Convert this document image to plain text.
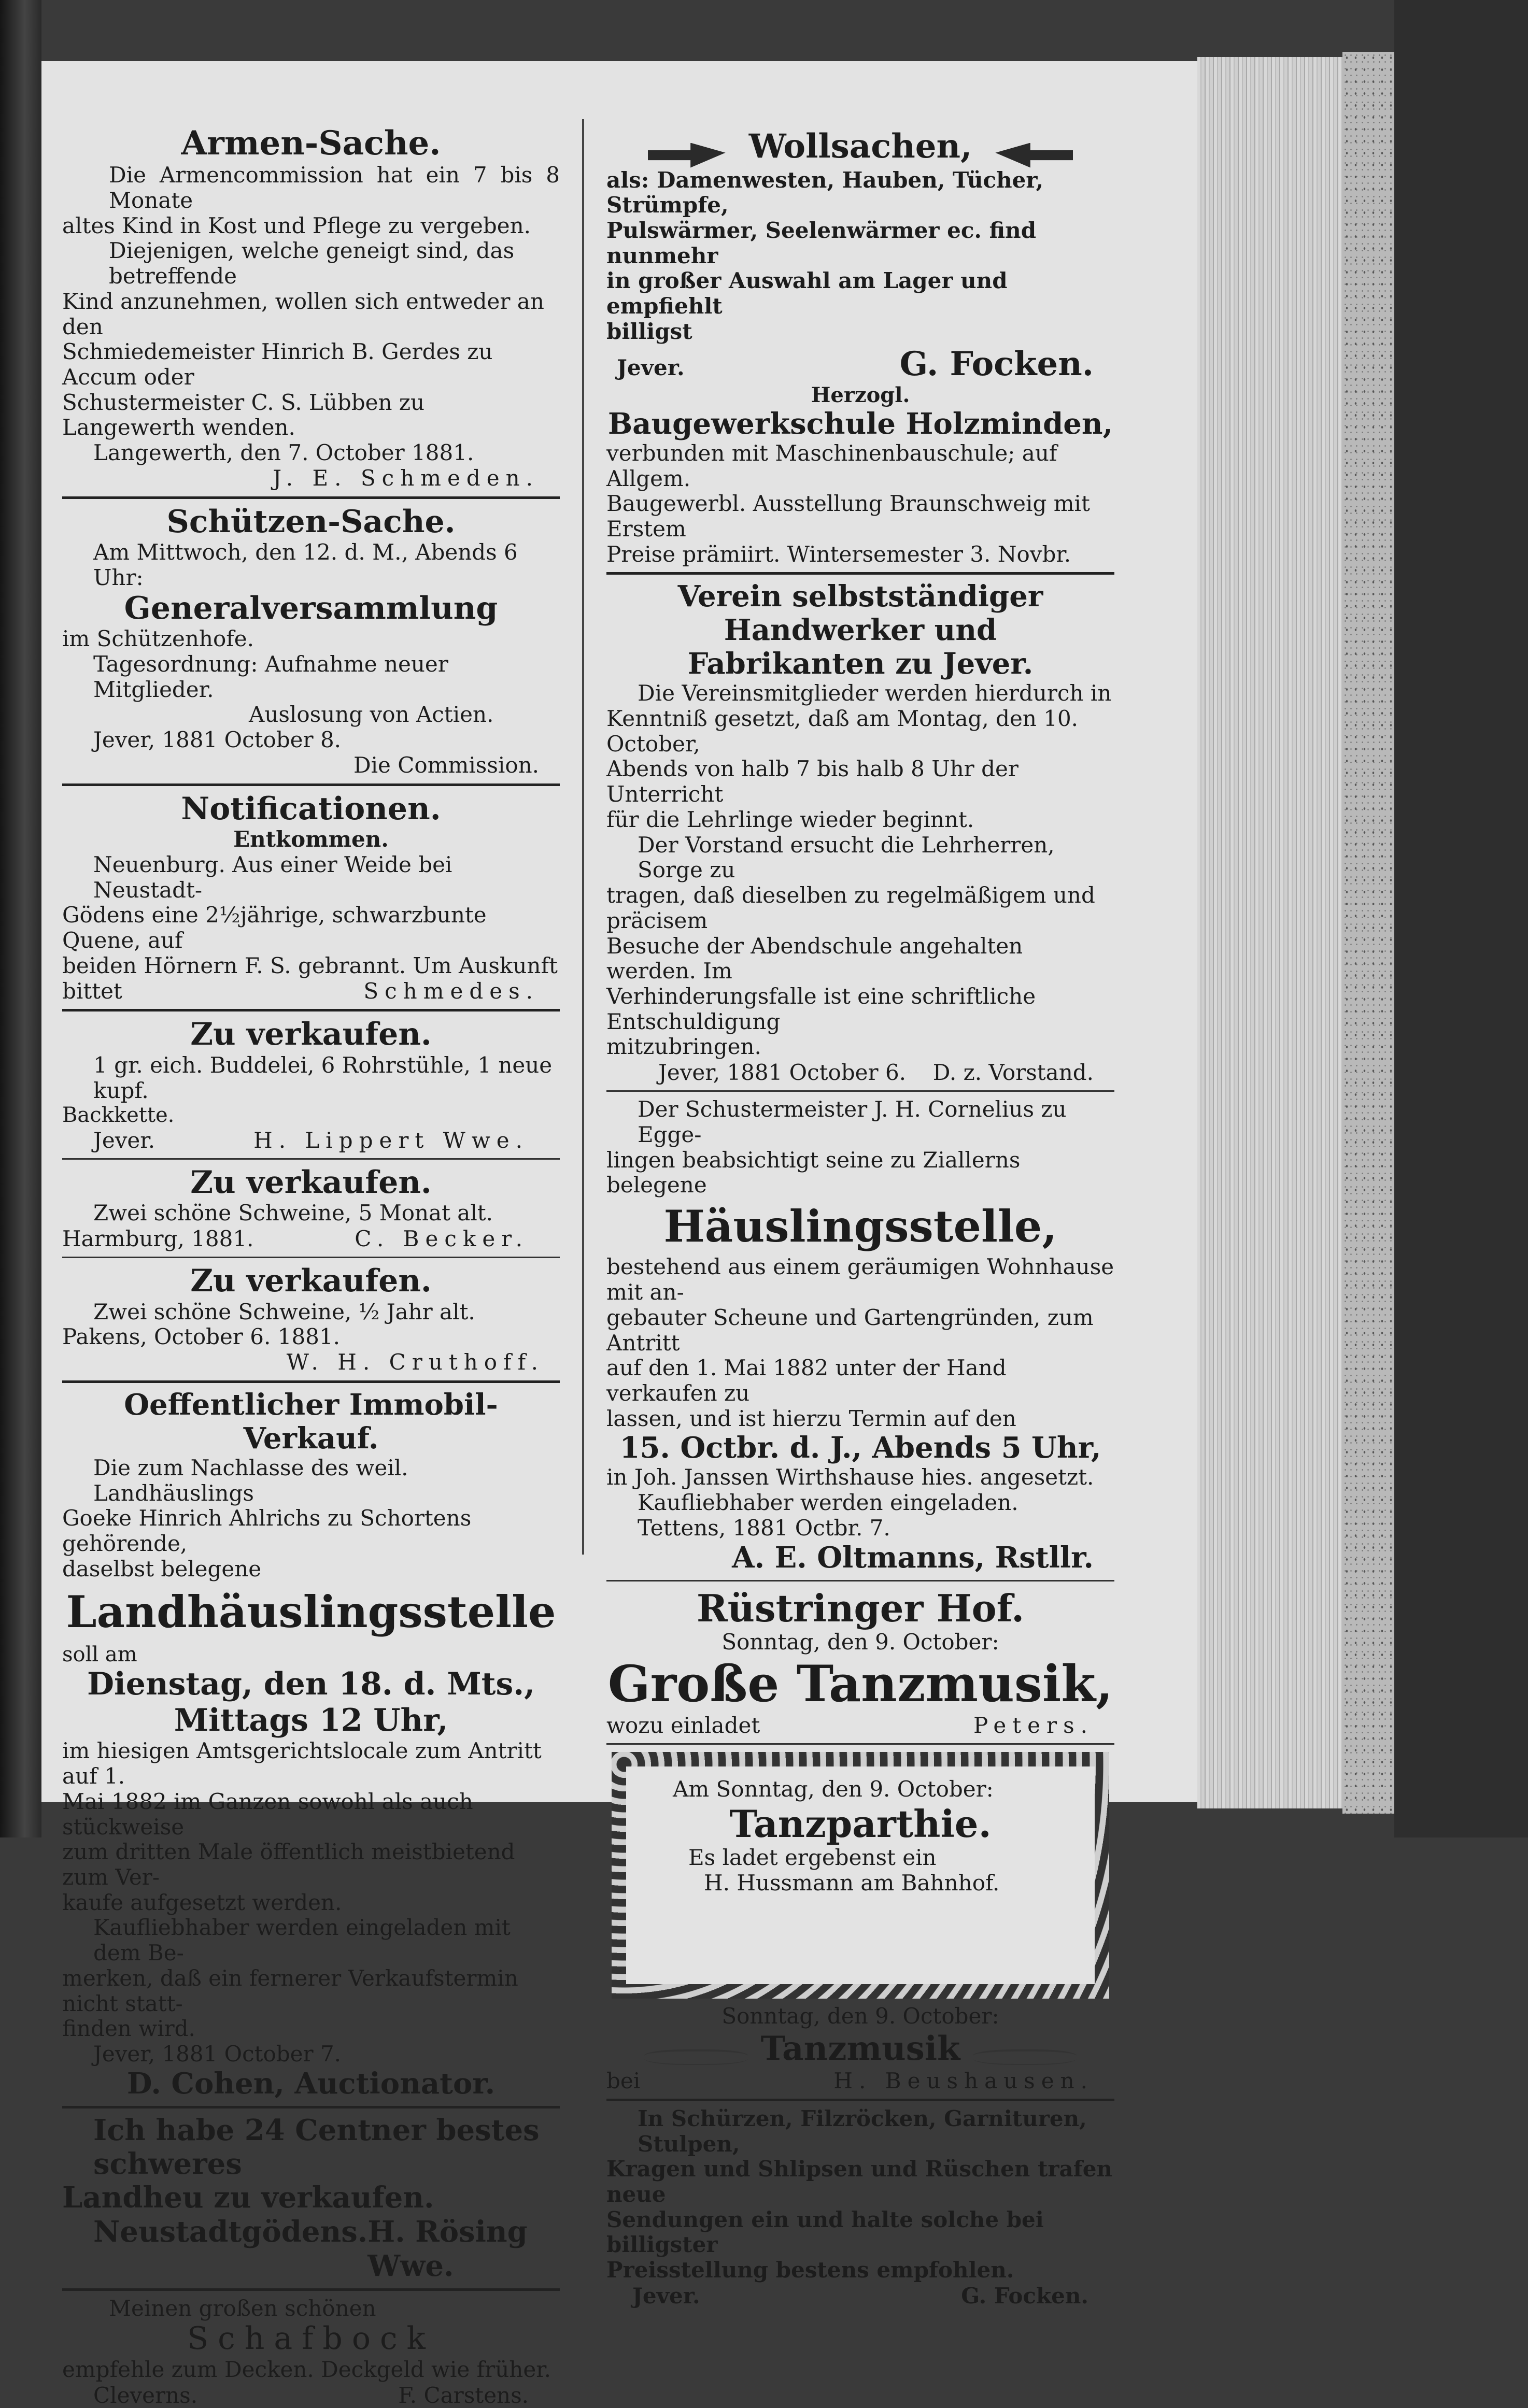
Armen-Sache.
Die Armencommission hat ein 7 bis 8 Monate
altes Kind in Kost und Pflege zu vergeben.
Diejenigen, welche geneigt sind, das betreffende
Kind anzunehmen, wollen sich entweder an den
Schmiedemeister Hinrich B. Gerdes zu Accum oder
Schustermeister C. S. Lübben zu Langewerth wenden.
Langewerth, den 7. October 1881.
J. E. Schmeden.
Schützen-Sache.
Am Mittwoch, den 12. d. M., Abends 6 Uhr:
Generalversammlung
im Schützenhofe.
Tagesordnung: Aufnahme neuer Mitglieder.
Auslosung von Actien.
Jever, 1881 October 8.
Die Commission.
Notificationen.
Entkommen.
Neuenburg. Aus einer Weide bei Neustadt-
Gödens eine 2½jährige, schwarzbunte Quene, auf
beiden Hörnern F. S. gebrannt. Um Auskunft
bittet	Schmedes.
Zu verkaufen.
1 gr. eich. Buddelei, 6 Rohrstühle, 1 neue kupf.
Backkette.
Jever.	H. Lippert Wwe.
Zu verkaufen.
Zwei schöne Schweine, 5 Monat alt.
Harmburg, 1881.	C. Becker.
Zu verkaufen.
Zwei schöne Schweine, ½ Jahr alt.
Pakens, October 6. 1881.
W. H. Cruthoff.
Oeffentlicher Immobil-Verkauf.
Die zum Nachlasse des weil. Landhäuslings
Goeke Hinrich Ahlrichs zu Schortens gehörende,
daselbst belegene
Landhäuslingsstelle
soll am
Dienstag, den 18. d. Mts.,
Mittags 12 Uhr,
im hiesigen Amtsgerichtslocale zum Antritt auf 1.
Mai 1882 im Ganzen sowohl als auch stückweise
zum dritten Male öffentlich meistbietend zum Ver-
kaufe aufgesetzt werden.
Kaufliebhaber werden eingeladen mit dem Be-
merken, daß ein fernerer Verkaufstermin nicht statt-
finden wird.
Jever, 1881 October 7.
D. Cohen, Auctionator.
Ich habe 24 Centner bestes schweres
Landheu zu verkaufen.
Neustadtgödens. H. Rösing Wwe.
Meinen großen schönen
Schafbock
empfehle zum Decken. Deckgeld wie früher.
Cleverns.	F. Carstens.
Wollsachen,
als: Damenwesten, Hauben, Tücher, Strümpfe,
Pulswärmer, Seelenwärmer ec. find nunmehr
in großer Auswahl am Lager und empfiehlt
billigst
Jever.	G. Focken.
Herzogl.
Baugewerkschule Holzminden,
verbunden mit Maschinenbauschule; auf Allgem.
Baugewerbl. Ausstellung Braunschweig mit Erstem
Preise prämiirt. Wintersemester 3. Novbr.
Verein selbstständiger Handwerker und
Fabrikanten zu Jever.
Die Vereinsmitglieder werden hierdurch in
Kenntniß gesetzt, daß am Montag, den 10. October,
Abends von halb 7 bis halb 8 Uhr der Unterricht
für die Lehrlinge wieder beginnt.
Der Vorstand ersucht die Lehrherren, Sorge zu
tragen, daß dieselben zu regelmäßigem und präcisem
Besuche der Abendschule angehalten werden. Im
Verhinderungsfalle ist eine schriftliche Entschuldigung
mitzubringen.
Jever, 1881 October 6. D. z. Vorstand.
Der Schustermeister J. H. Cornelius zu Egge-
lingen beabsichtigt seine zu Ziallerns belegene
Häuslingsstelle,
bestehend aus einem geräumigen Wohnhause mit an-
gebauter Scheune und Gartengründen, zum Antritt
auf den 1. Mai 1882 unter der Hand verkaufen zu
lassen, und ist hierzu Termin auf den
15. Octbr. d. J., Abends 5 Uhr,
in Joh. Janssen Wirthshause hies. angesetzt.
Kaufliebhaber werden eingeladen.
Tettens, 1881 Octbr. 7.
A. E. Oltmanns, Rstllr.
Rüstringer Hof.
Sonntag, den 9. October:
Große Tanzmusik,
wozu einladet	Peters.
Am Sonntag, den 9. October:
Tanzparthie.
Es ladet ergebenst ein
H. Hussmann am Bahnhof.
Sonntag, den 9. October:
Tanzmusik
bei	H. Beushausen.
In Schürzen, Filzröcken, Garnituren, Stulpen,
Kragen und Shlipsen und Rüschen trafen neue
Sendungen ein und halte solche bei billigster
Preisstellung bestens empfohlen.
Jever.	G. Focken.
